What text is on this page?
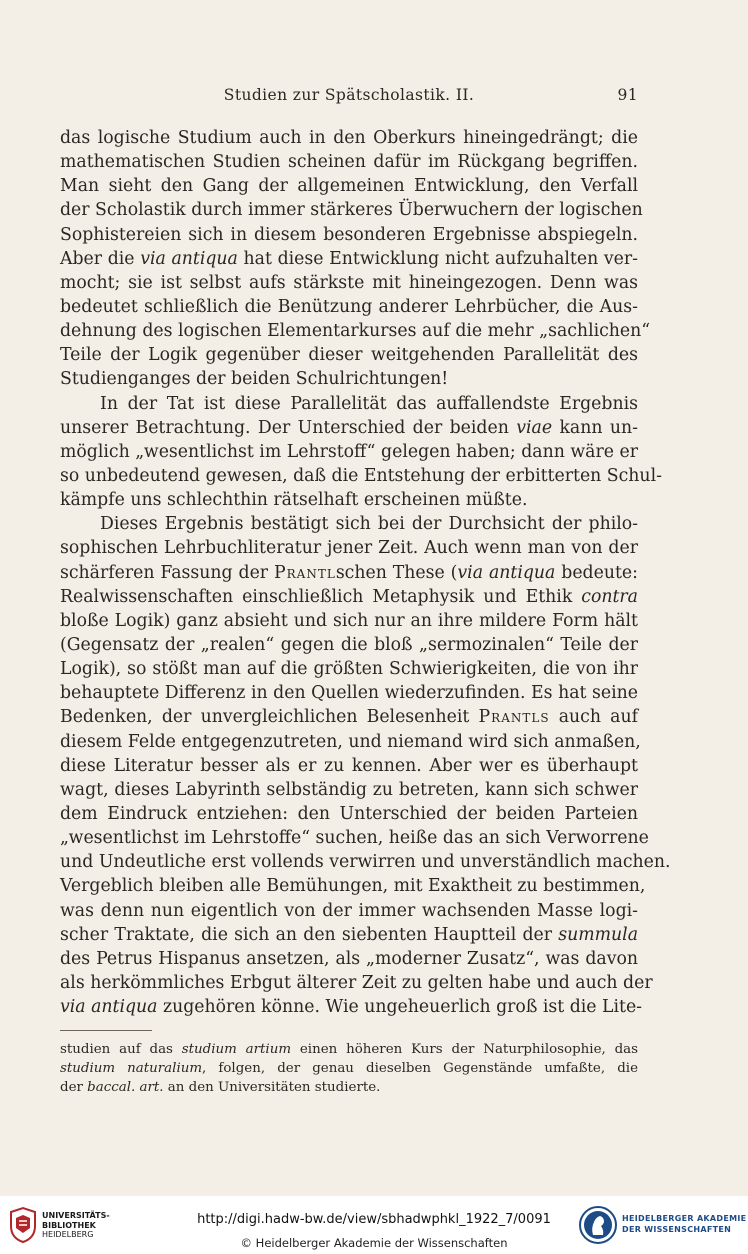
Studien zur Spätscholastik. II.	91
das logische Studium auch in den Oberkurs hineingedrängt; die
mathematischen Studien scheinen dafür im Rückgang begriffen.
Man sieht den Gang der allgemeinen Entwicklung, den Verfall
der Scholastik durch immer stärkeres Überwuchern der logischen
Sophistereien sich in diesem besonderen Ergebnisse abspiegeln.
Aber die via antiqua hat diese Entwicklung nicht aufzuhalten ver-
mocht; sie ist selbst aufs stärkste mit hineingezogen. Denn was
bedeutet schließlich die Benützung anderer Lehrbücher, die Aus-
dehnung des logischen Elementarkurses auf die mehr „sachlichen“
Teile der Logik gegenüber dieser weitgehenden Parallelität des
Studienganges der beiden Schulrichtungen!
In der Tat ist diese Parallelität das auffallendste Ergebnis
unserer Betrachtung. Der Unterschied der beiden viae kann un-
möglich „wesentlichst im Lehrstoff“ gelegen haben; dann wäre er
so unbedeutend gewesen, daß die Entstehung der erbitterten Schul-
kämpfe uns schlechthin rätselhaft erscheinen müßte.
Dieses Ergebnis bestätigt sich bei der Durchsicht der philo-
sophischen Lehrbuchliteratur jener Zeit. Auch wenn man von der
schärferen Fassung der Prantlschen These (via antiqua bedeute:
Realwissenschaften einschließlich Metaphysik und Ethik contra
bloße Logik) ganz absieht und sich nur an ihre mildere Form hält
(Gegensatz der „realen“ gegen die bloß „sermozinalen“ Teile der
Logik), so stößt man auf die größten Schwierigkeiten, die von ihr
behauptete Differenz in den Quellen wiederzufinden. Es hat seine
Bedenken, der unvergleichlichen Belesenheit Prantls auch auf
diesem Felde entgegenzutreten, und niemand wird sich anmaßen,
diese Literatur besser als er zu kennen. Aber wer es überhaupt
wagt, dieses Labyrinth selbständig zu betreten, kann sich schwer
dem Eindruck entziehen: den Unterschied der beiden Parteien
„wesentlichst im Lehrstoffe“ suchen, heiße das an sich Verworrene
und Undeutliche erst vollends verwirren und unverständlich machen.
Vergeblich bleiben alle Bemühungen, mit Exaktheit zu bestimmen,
was denn nun eigentlich von der immer wachsenden Masse logi-
scher Traktate, die sich an den siebenten Hauptteil der summula
des Petrus Hispanus ansetzen, als „moderner Zusatz“, was davon
als herkömmliches Erbgut älterer Zeit zu gelten habe und auch der
via antiqua zugehören könne. Wie ungeheuerlich groß ist die Lite-
studien auf das studium artium einen höheren Kurs der Naturphilosophie, das
studium naturalium, folgen, der genau dieselben Gegenstände umfaßte, die
der baccal. art. an den Universitäten studierte.
UNIVERSITÄTS-
BIBLIOTHEK
HEIDELBERG
http://digi.hadw-bw.de/view/sbhadwphkl_1922_7/0091
© Heidelberger Akademie der Wissenschaften
HEIDELBERGER AKADEMIE
DER WISSENSCHAFTEN
